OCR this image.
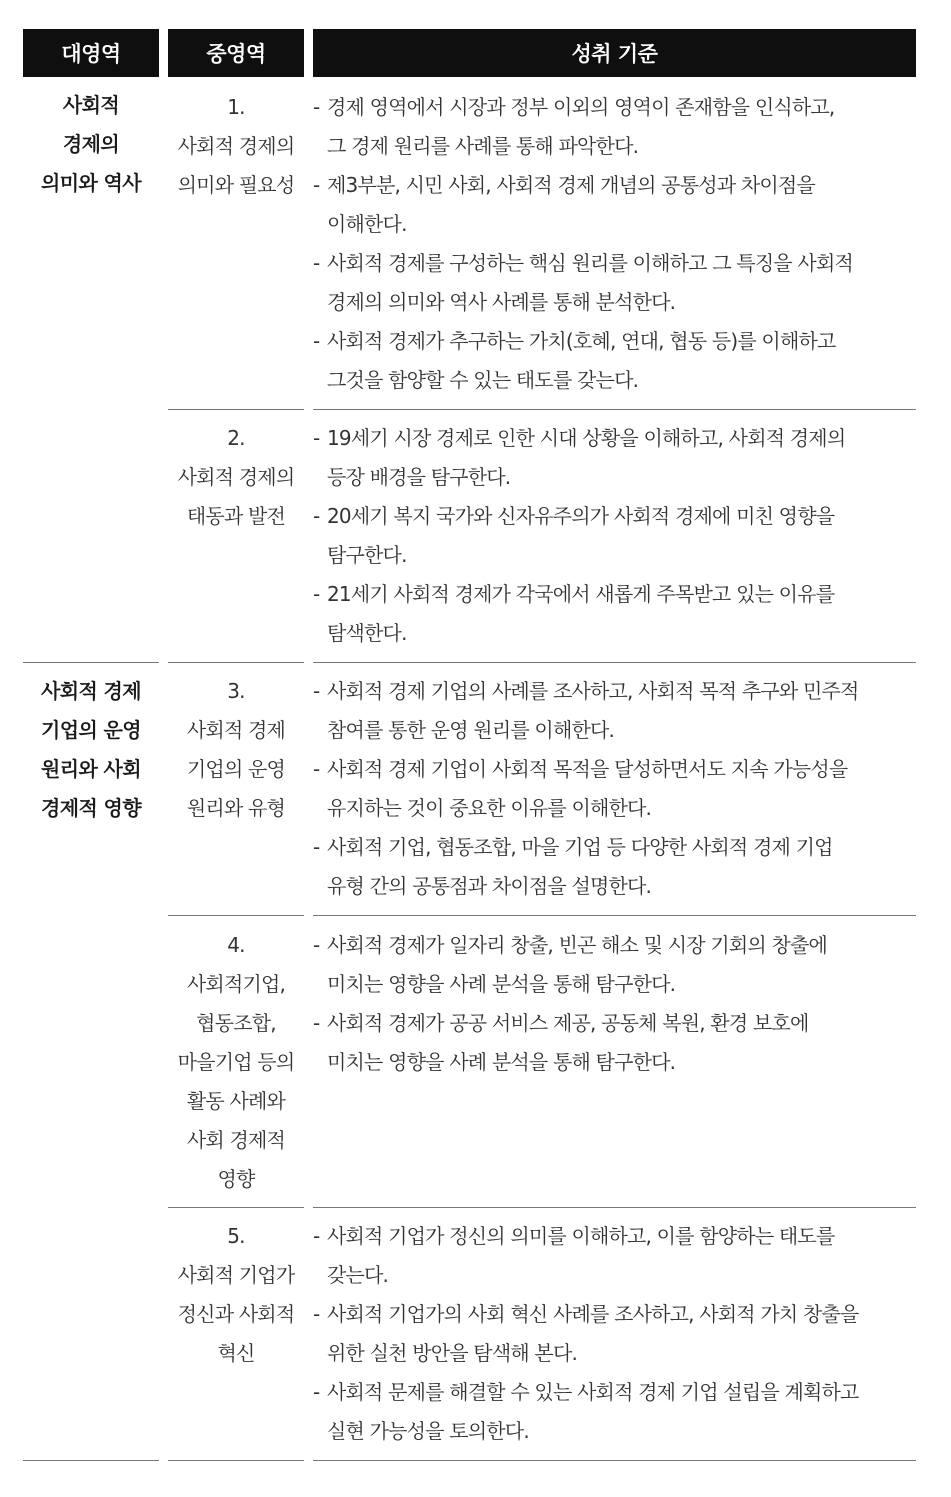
대영역	중영역	성취 기준
사회적
경제의
의미와 역사
1.
사회적 경제의
의미와 필요성
- 경제 영역에서 시장과 정부 이외의 영역이 존재함을 인식하고,
그 경제 원리를 사례를 통해 파악한다.
- 제3부분, 시민 사회, 사회적 경제 개념의 공통성과 차이점을
이해한다.
- 사회적 경제를 구성하는 핵심 원리를 이해하고 그 특징을 사회적
경제의 의미와 역사 사례를 통해 분석한다.
- 사회적 경제가 추구하는 가치(호혜, 연대, 협동 등)를 이해하고
그것을 함양할 수 있는 태도를 갖는다.
2.
사회적 경제의
태동과 발전
- 19세기 시장 경제로 인한 시대 상황을 이해하고, 사회적 경제의
등장 배경을 탐구한다.
- 20세기 복지 국가와 신자유주의가 사회적 경제에 미친 영향을
탐구한다.
- 21세기 사회적 경제가 각국에서 새롭게 주목받고 있는 이유를
탐색한다.
사회적 경제
기업의 운영
원리와 사회
경제적 영향
3.
사회적 경제
기업의 운영
원리와 유형
- 사회적 경제 기업의 사례를 조사하고, 사회적 목적 추구와 민주적
참여를 통한 운영 원리를 이해한다.
- 사회적 경제 기업이 사회적 목적을 달성하면서도 지속 가능성을
유지하는 것이 중요한 이유를 이해한다.
- 사회적 기업, 협동조합, 마을 기업 등 다양한 사회적 경제 기업
유형 간의 공통점과 차이점을 설명한다.
4.
사회적기업,
협동조합,
마을기업 등의
활동 사례와
사회 경제적
영향
- 사회적 경제가 일자리 창출, 빈곤 해소 및 시장 기회의 창출에
미치는 영향을 사례 분석을 통해 탐구한다.
- 사회적 경제가 공공 서비스 제공, 공동체 복원, 환경 보호에
미치는 영향을 사례 분석을 통해 탐구한다.
5.
사회적 기업가
정신과 사회적
혁신
- 사회적 기업가 정신의 의미를 이해하고, 이를 함양하는 태도를
갖는다.
- 사회적 기업가의 사회 혁신 사례를 조사하고, 사회적 가치 창출을
위한 실천 방안을 탐색해 본다.
- 사회적 문제를 해결할 수 있는 사회적 경제 기업 설립을 계획하고
실현 가능성을 토의한다.
